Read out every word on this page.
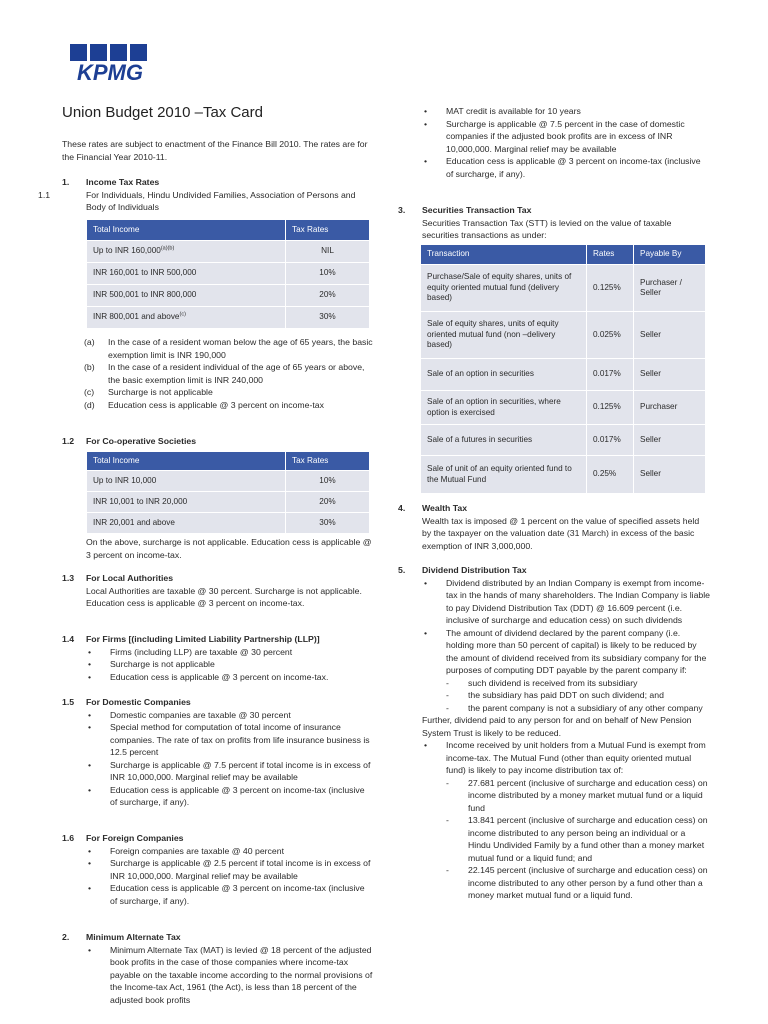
KPMG
Union Budget 2010 –Tax Card
These rates are subject to enactment of the Finance Bill 2010. The rates are for the Financial Year 2010-11.
1. Income Tax Rates
1.1	For Individuals, Hindu Undivided Families, Association of Persons and Body of Individuals
Total Income	Tax Rates
Up to INR $160,000^{(a)(b)}$	NIL
INR 160,001 to INR 500,000	10%
INR 500,001 to INR 800,000	20%
INR 800,001 and above$^{(c)}$	30%
(a) In the case of a resident woman below the age of 65 years, the basic exemption limit is INR 190,000
(b) In the case of a resident individual of the age of 65 years or above, the basic exemption limit is INR 240,000
(c) Surcharge is not applicable
(d) Education cess is applicable @ 3 percent on income-tax
1.2 For Co-operative Societies
Total Income	Tax Rates
Up to INR 10,000	10%
INR 10,001 to INR 20,000	20%
INR 20,001 and above	30%
On the above, surcharge is not applicable. Education cess is applicable @ 3 percent on income-tax.
1.3 For Local Authorities
Local Authorities are taxable @ 30 percent. Surcharge is not applicable. Education cess is applicable @ 3 percent on income-tax.
1.4 For Firms [(including Limited Liability Partnership (LLP)]
• Firms (including LLP) are taxable @ 30 percent
• Surcharge is not applicable
• Education cess is applicable @ 3 percent on income-tax.
1.5 For Domestic Companies
• Domestic companies are taxable @ 30 percent
• Special method for computation of total income of insurance companies. The rate of tax on profits from life insurance business is 12.5 percent
• Surcharge is applicable @ 7.5 percent if total income is in excess of INR 10,000,000. Marginal relief may be available
• Education cess is applicable @ 3 percent on income-tax (inclusive of surcharge, if any).
1.6 For Foreign Companies
• Foreign companies are taxable @ 40 percent
• Surcharge is applicable @ 2.5 percent if total income is in excess of INR 10,000,000. Marginal relief may be available
• Education cess is applicable @ 3 percent on income-tax (inclusive of surcharge, if any).
2. Minimum Alternate Tax
• Minimum Alternate Tax (MAT) is levied @ 18 percent of the adjusted book profits in the case of those companies where income-tax payable on the taxable income according to the normal provisions of the Income-tax Act, 1961 (the Act), is less than 18 percent of the adjusted book profits
• MAT credit is available for 10 years
• Surcharge is applicable @ 7.5 percent in the case of domestic companies if the adjusted book profits are in excess of INR 10,000,000. Marginal relief may be available
• Education cess is applicable @ 3 percent on income-tax (inclusive of surcharge, if any).
3. Securities Transaction Tax
Securities Transaction Tax (STT) is levied on the value of taxable securities transactions as under:
Transaction	Rates	Payable By
Purchase/Sale of equity shares, units of equity oriented mutual fund (delivery based)	0.125%	Purchaser / Seller
Sale of equity shares, units of equity oriented mutual fund (non –delivery based)	0.025%	Seller
Sale of an option in securities	0.017%	Seller
Sale of an option in securities, where option is exercised	0.125%	Purchaser
Sale of a futures in securities	0.017%	Seller
Sale of unit of an equity oriented fund to the Mutual Fund	0.25%	Seller
4. Wealth Tax
Wealth tax is imposed @ 1 percent on the value of specified assets held by the taxpayer on the valuation date (31 March) in excess of the basic exemption of INR 3,000,000.
5. Dividend Distribution Tax
• Dividend distributed by an Indian Company is exempt from income-tax in the hands of many shareholders. The Indian Company is liable to pay Dividend Distribution Tax (DDT) @ 16.609 percent (i.e. inclusive of surcharge and education cess) on such dividends
• The amount of dividend declared by the parent company (i.e. holding more than 50 percent of capital) is likely to be reduced by the amount of dividend received from its subsidiary company for the purposes of computing DDT payable by the parent company if:
- such dividend is received from its subsidiary
- the subsidiary has paid DDT on such dividend; and
- the parent company is not a subsidiary of any other company
Further, dividend paid to any person for and on behalf of New Pension System Trust is likely to be reduced.
• Income received by unit holders from a Mutual Fund is exempt from income-tax. The Mutual Fund (other than equity oriented mutual fund) is likely to pay income distribution tax of:
- 27.681 percent (inclusive of surcharge and education cess) on income distributed by a money market mutual fund or a liquid fund
- 13.841 percent (inclusive of surcharge and education cess) on income distributed to any person being an individual or a Hindu Undivided Family by a fund other than a money market mutual fund or a liquid fund; and
- 22.145 percent (inclusive of surcharge and education cess) on income distributed to any other person by a fund other than a money market mutual fund or a liquid fund.
